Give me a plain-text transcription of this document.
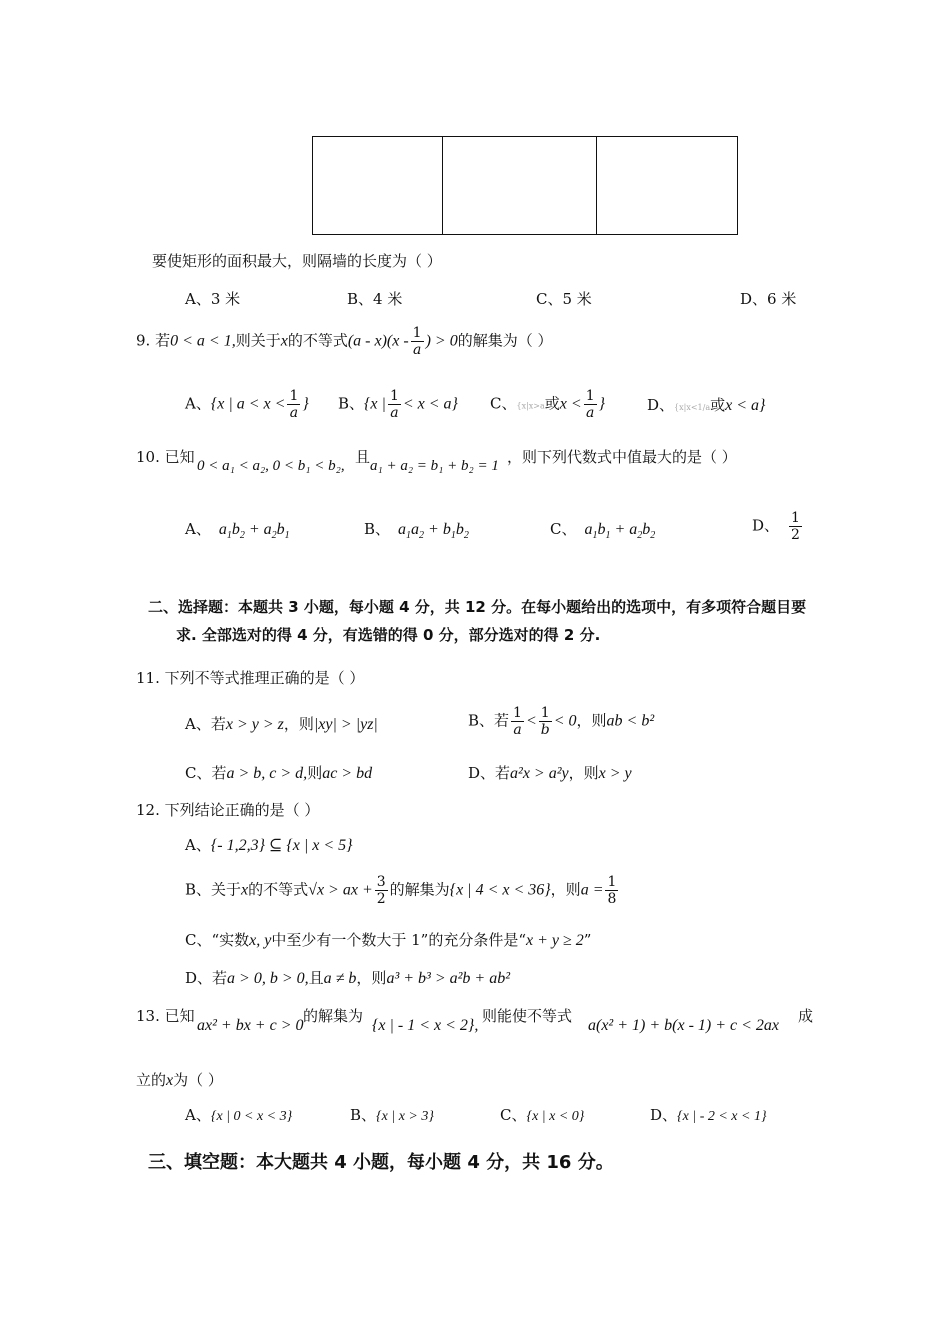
要使矩形的面积最大，则隔墙的长度为（ ）
A、3 米	B、4 米	C、5 米	D、6 米
9. 若0 < a < 1,则关于x的不等式$(a - x)(x - \frac{1}{a}$ ) > 0的解集为（ ）
A、{x | $a < x < \frac{1}{a}$ } B、{x | $\frac{1}{a} < x < a$} C、{x|x>a或$x < \frac{1}{a}$ }	D、{x|x<1/a或x < a}
10. 已知 0 < a₁ < a₂, 0 < b₁ < b₂, 且 a₁ + a₂ = b₁ + b₂ = 1 ，则下列代数式中值最大的是（ ）
A、 $a_1b_2 + a_2b_1$	B、 $a_1a_2 + b_1b_2$	C、 $a_1b_1 + a_2b_2$
D、 $\frac{1}{2}$
二、选择题：本题共 3 小题，每小题 4 分，共 12 分。在每小题给出的选项中，有多项符合题目要
求. 全部选对的得 4 分，有选错的得 0 分，部分选对的得 2 分.
11. 下列不等式推理正确的是（ ）
A、若x > y > z，则|xy| > |yz|	B、若 $\frac{1}{a} < \frac{1}{b} < 0$，则ab < b²
C、若a > b, c > d,则ac > bd	D、若a²x > a²y，则x > y
12. 下列结论正确的是（ ）
A、{- 1,2,3} ⊆ {x | x < 5}
B、关于x的不等式√x > ax + $\frac{3}{2}$ 的解集为{x | 4 < x < 36}，则$a = \frac{1}{8}$
C、“实数x, y中至少有一个数大于 1”的充分条件是“x + y ≥ 2”
D、若a > 0, b > 0,且a ≠ b，则a³ + b³ > a²b + ab²
13. 已知
ax² + bx + c > 0
的解集为
{x | - 1 < x < 2},
则能使不等式
a(x² + 1) + b(x - 1) + c < 2ax
成
立的x为（ ）
A、{x | 0 < x < 3}	B、{x | x > 3}	C、{x | x < 0}	D、{x | - 2 < x < 1}
三、填空题：本大题共 4 小题，每小题 4 分，共 16 分。
